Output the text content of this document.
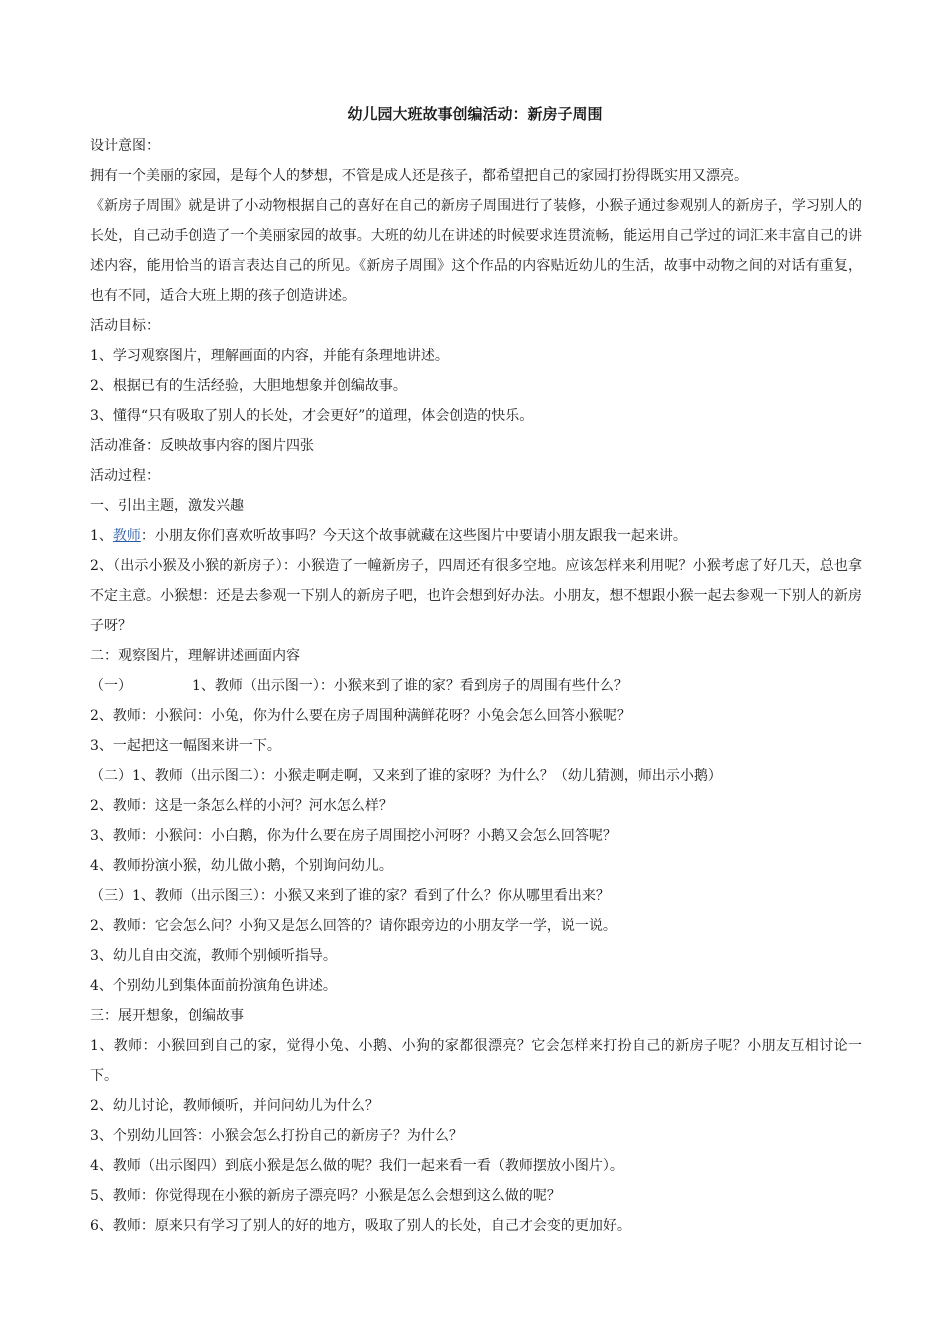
幼儿园大班故事创编活动：新房子周围

设计意图：

拥有一个美丽的家园，是每个人的梦想，不管是成人还是孩子，都希望把自己的家园打扮得既实用又漂亮。

《新房子周围》就是讲了小动物根据自己的喜好在自己的新房子周围进行了装修，小猴子通过参观别人的新房子，学习别人的长处，自己动手创造了一个美丽家园的故事。大班的幼儿在讲述的时候要求连贯流畅，能运用自己学过的词汇来丰富自己的讲述内容，能用恰当的语言表达自己的所见。《新房子周围》这个作品的内容贴近幼儿的生活，故事中动物之间的对话有重复，也有不同，适合大班上期的孩子创造讲述。

活动目标：

1、学习观察图片，理解画面的内容，并能有条理地讲述。

2、根据已有的生活经验，大胆地想象并创编故事。

3、懂得“只有吸取了别人的长处，才会更好”的道理，体会创造的快乐。

活动准备：反映故事内容的图片四张

活动过程：

一、引出主题，激发兴趣

1、教师：小朋友你们喜欢听故事吗？今天这个故事就藏在这些图片中要请小朋友跟我一起来讲。

2、（出示小猴及小猴的新房子）：小猴造了一幢新房子，四周还有很多空地。应该怎样来利用呢？小猴考虑了好几天，总也拿不定主意。小猴想：还是去参观一下别人的新房子吧，也许会想到好办法。小朋友，想不想跟小猴一起去参观一下别人的新房子呀？

二：观察图片，理解讲述画面内容

（一）	1、教师（出示图一）：小猴来到了谁的家？看到房子的周围有些什么？

2、教师：小猴问：小兔，你为什么要在房子周围种满鲜花呀？小兔会怎么回答小猴呢？

3、一起把这一幅图来讲一下。

（二）1、教师（出示图二）：小猴走啊走啊，又来到了谁的家呀？为什么？（幼儿猜测，师出示小鹅）

2、教师：这是一条怎么样的小河？河水怎么样？

3、教师：小猴问：小白鹅，你为什么要在房子周围挖小河呀？小鹅又会怎么回答呢？

4、教师扮演小猴，幼儿做小鹅，个别询问幼儿。

（三）1、教师（出示图三）：小猴又来到了谁的家？看到了什么？你从哪里看出来？

2、教师：它会怎么问？小狗又是怎么回答的？请你跟旁边的小朋友学一学，说一说。

3、幼儿自由交流，教师个别倾听指导。

4、个别幼儿到集体面前扮演角色讲述。

三：展开想象，创编故事

1、教师：小猴回到自己的家，觉得小兔、小鹅、小狗的家都很漂亮？它会怎样来打扮自己的新房子呢？小朋友互相讨论一下。

2、幼儿讨论，教师倾听，并问问幼儿为什么？

3、个别幼儿回答：小猴会怎么打扮自己的新房子？为什么？

4、教师（出示图四）到底小猴是怎么做的呢？我们一起来看一看（教师摆放小图片）。

5、教师：你觉得现在小猴的新房子漂亮吗？小猴是怎么会想到这么做的呢？

6、教师：原来只有学习了别人的好的地方，吸取了别人的长处，自己才会变的更加好。
